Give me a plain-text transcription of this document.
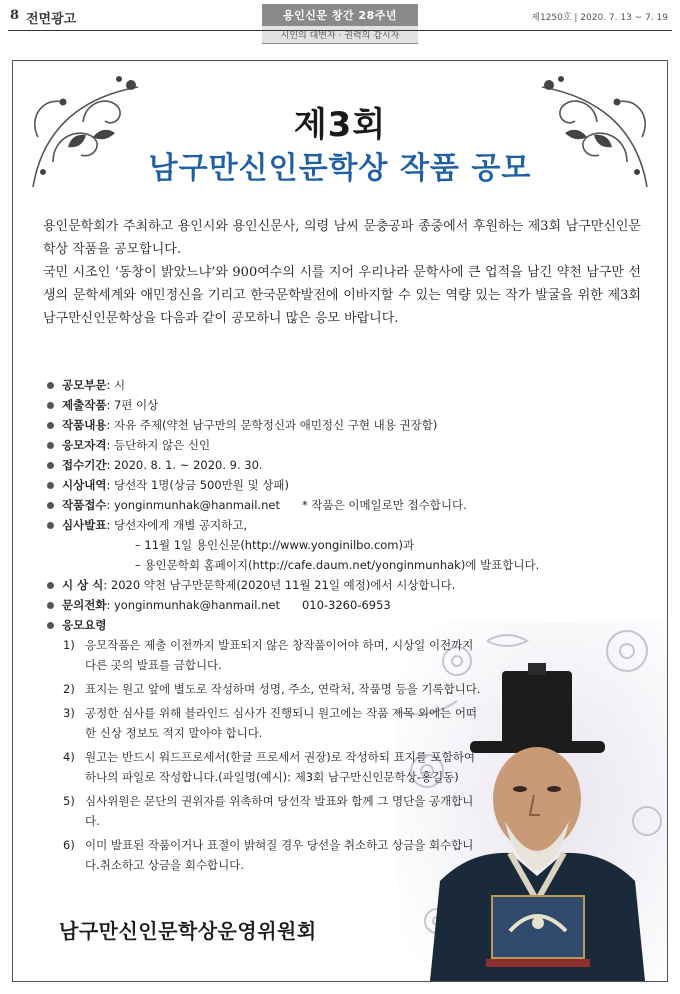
8 전면광고	용인신문 창간 28주년
시민의 대변자 · 권력의 감시자
제1250호 | 2020. 7. 13 ~ 7. 19
제3회
남구만신인문학상 작품 공모

용인문학회가 주최하고 용인시와 용인신문사, 의령 남씨 문충공파 종중에서 후원하는 제3회 남구만신인문학상 작품을 공모합니다.

국민 시조인 ‘동창이 밝았느냐’와 900여수의 시를 지어 우리나라 문학사에 큰 업적을 남긴 약천 남구만 선생의 문학세계와 애민정신을 기리고 한국문학발전에 이바지할 수 있는 역량 있는 작가 발굴을 위한 제3회 남구만신인문학상을 다음과 같이 공모하니 많은 응모 바랍니다.

공모부문 : 시
제출작품 : 7편 이상
작품내용 : 자유 주제(약천 남구만의 문학정신과 애민정신 구현 내용 권장함)
응모자격 : 등단하지 않은 신인
접수기간 : 2020. 8. 1. ~ 2020. 9. 30.
시상내역 : 당선작 1명(상금 500만원 및 상패)
작품접수 : yonginmunhak@hanmail.net * 작품은 이메일로만 접수합니다.
심사발표 : 당선자에게 개별 공지하고,
– 11월 1일 용인신문(http://www.yonginilbo.com)과
– 용인문학회 홈페이지(http://cafe.daum.net/yonginmunhak)에 발표합니다.
시 상 식 : 2020 약천 남구만문학제(2020년 11월 21일 예정)에서 시상합니다.
문의전화 : yonginmunhak@hanmail.net 010-3260-6953
응모요령
1) 응모작품은 제출 이전까지 발표되지 않은 창작품이어야 하며, 시상일 이전까지 다른 곳의 발표를 금합니다.
2) 표지는 원고 앞에 별도로 작성하며 성명, 주소, 연락처, 작품명 등을 기록합니다.
3) 공정한 심사를 위해 블라인드 심사가 진행되니 원고에는 작품 제목 외에는 어떠한 신상 정보도 적지 말아야 합니다.
4) 원고는 반드시 워드프로세서(한글 프로세서 권장)로 작성하되 표지를 포함하여 하나의 파일로 작성합니다.(파일명(예시): 제3회 남구만신인문학상-홍길동)
5) 심사위원은 문단의 권위자를 위촉하며 당선작 발표와 함께 그 명단을 공개합니다.
6) 이미 발표된 작품이거나 표절이 밝혀질 경우 당선을 취소하고 상금을 회수합니다.취소하고 상금을 회수합니다.
남구만신인문학상운영위원회
